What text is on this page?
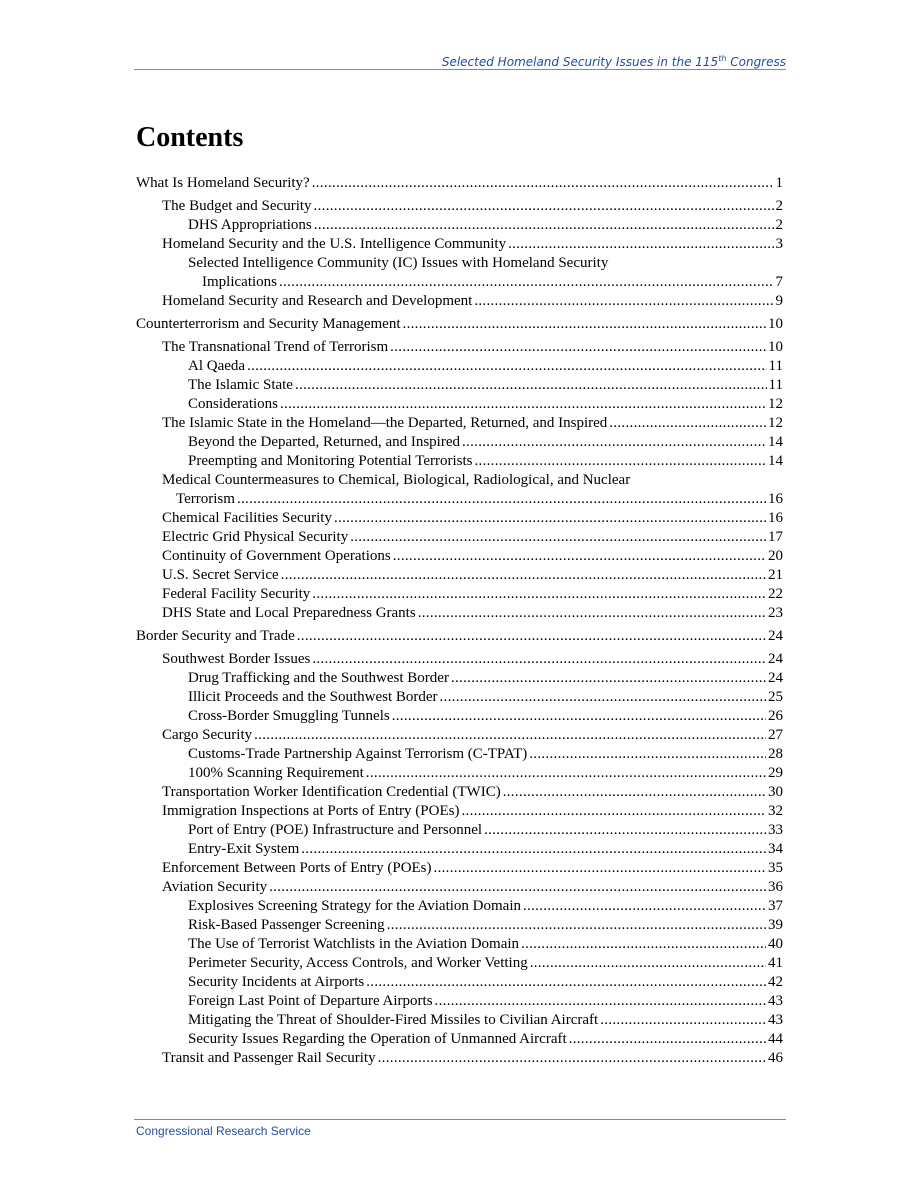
Selected Homeland Security Issues in the 115th Congress
Contents
What Is Homeland Security? .....	1
The Budget and Security .....	2
DHS Appropriations .....	2
Homeland Security and the U.S. Intelligence Community .....	3
Selected Intelligence Community (IC) Issues with Homeland Security
Implications .....	7
Homeland Security and Research and Development .....	9
Counterterrorism and Security Management .....	10
The Transnational Trend of Terrorism .....	10
Al Qaeda .....	11
The Islamic State .....	11
Considerations .....	12
The Islamic State in the Homeland—the Departed, Returned, and Inspired .....	12
Beyond the Departed, Returned, and Inspired .....	14
Preempting and Monitoring Potential Terrorists .....	14
Medical Countermeasures to Chemical, Biological, Radiological, and Nuclear
Terrorism .....	16
Chemical Facilities Security .....	16
Electric Grid Physical Security .....	17
Continuity of Government Operations .....	20
U.S. Secret Service .....	21
Federal Facility Security .....	22
DHS State and Local Preparedness Grants .....	23
Border Security and Trade .....	24
Southwest Border Issues .....	24
Drug Trafficking and the Southwest Border .....	24
Illicit Proceeds and the Southwest Border .....	25
Cross-Border Smuggling Tunnels .....	26
Cargo Security .....	27
Customs-Trade Partnership Against Terrorism (C-TPAT) .....	28
100% Scanning Requirement .....	29
Transportation Worker Identification Credential (TWIC) .....	30
Immigration Inspections at Ports of Entry (POEs) .....	32
Port of Entry (POE) Infrastructure and Personnel .....	33
Entry-Exit System .....	34
Enforcement Between Ports of Entry (POEs) .....	35
Aviation Security .....	36
Explosives Screening Strategy for the Aviation Domain .....	37
Risk-Based Passenger Screening .....	39
The Use of Terrorist Watchlists in the Aviation Domain .....	40
Perimeter Security, Access Controls, and Worker Vetting .....	41
Security Incidents at Airports .....	42
Foreign Last Point of Departure Airports .....	43
Mitigating the Threat of Shoulder-Fired Missiles to Civilian Aircraft .....	43
Security Issues Regarding the Operation of Unmanned Aircraft .....	44
Transit and Passenger Rail Security .....	46
Congressional Research Service
